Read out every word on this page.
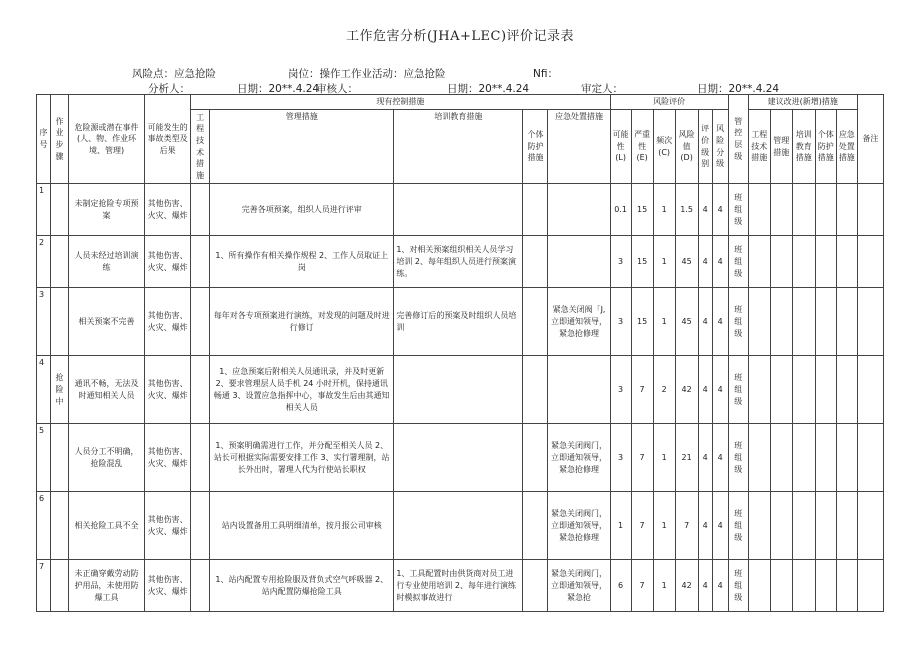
工作危害分析(JHA+LEC)评价记录表
风险点：应急抢险	岗位：操作工作业活动：应急抢险	Nfi：
分析人：	日期：20**.4.24
审核人：	日期：20**.4.24	审定人：	日期：20**.4.24
序号	作业步骤	危险源或潜在事件(人、物、作业环境、管理)	可能发生的事故类型及后果	现有控制措施					风险评价						管控层级	建议改进(新增)措施					备注
				工程技术措施	管理措施	培训教育措施	个体防护措施	应急处置措施	可能性(L)	严重性(E)	频次(C)	风险值(D)	评价级别	风险分级		工程技术措施	管理措施	培训教育措施	个体防护措施	应急处置措施	
1		未制定抢险专项预案	其他伤害、火灾、爆炸		完善各项预案，组织人员进行评审				0.1	15	1	1.5	4	4	班组级						
2		人员未经过培训演练	其他伤害、火灾、爆炸		1、所有操作有相关操作规程 2、工作人员取证上岗	1、对相关预案组织相关人员学习培训 2、每年组织人员进行预案演练。			3	15	1	45	4	4	班组级						
3		相关预案不完善	其他伤害、火灾、爆炸		每年对各专项预案进行演练，对发现的问题及时进行修订	完善修订后的预案及时组织人员培训		紧急关闭阀「J,立即通知领导，紧急抢修理	3	15	1	45	4	4	班组级						
4	抢险中	通讯不畅，无法及时通知相关人员	其他伤害、火灾、爆炸		1、应急预案后附相关人员通讯录，并及时更新 2、要求管理层人员手机 24 小时开机，保持通讯畅通 3、设置应急指挥中心，事故发生后由其通知相关人员				3	7	2	42	4	4	班组级						
5		人员分工不明确，抢险混乱	其他伤害、火灾、爆炸		1、预案明确需进行工作，并分配至相关人员 2、站长可根据实际需要安排工作 3、实行署理制，站长外出时，署理人代为行使站长职权			紧急关闭阀门，立即通知领导，紧急抢修理	3	7	1	21	4	4	班组级						
6		相关抢险工具不全	其他伤害、火灾、爆炸		站内设置备用工具明细清单，按月报公司审核			紧急关闭阀门，立即通知领导，紧急抢修理	1	7	1	7	4	4	班组级						
7		未正确穿戴劳动防护用品，未使用防爆工具	其他伤害、火灾、爆炸		1、站内配置专用抢险服及背负式空气呼吸器 2、站内配置防爆抢险工具	1、工具配置时由供货商对员工进行专业使用培训 2、每年进行演练时模拟事故进行		紧急关闭阀门，立即通知领导，紧急抢	6	7	1	42	4	4	班组级						
